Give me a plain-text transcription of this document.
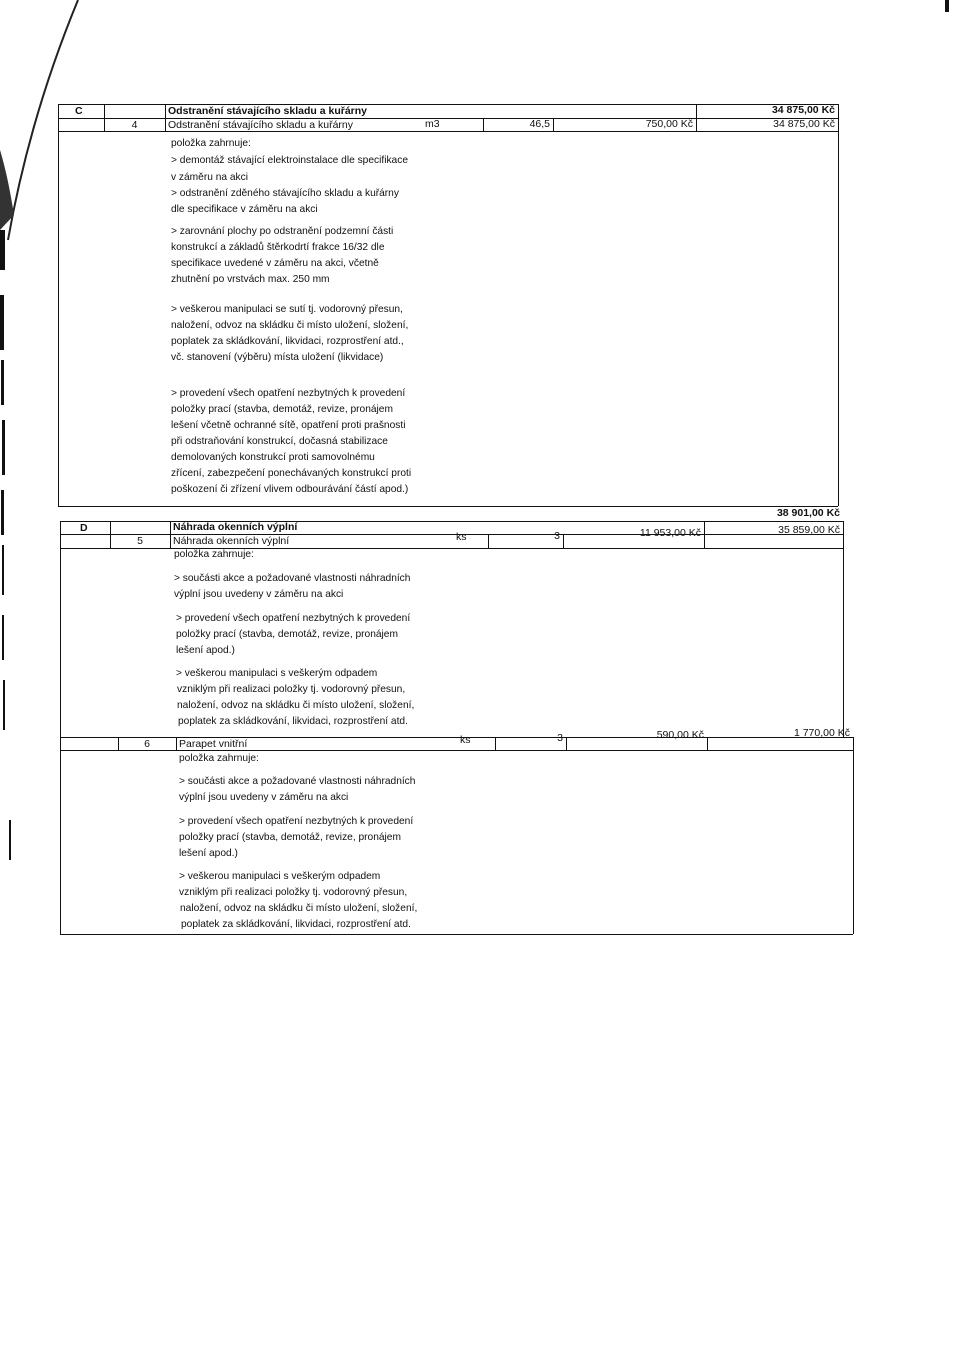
C	Odstranění stávajícího skladu a kuřárny	34 875,00 Kč
4	Odstranění stávajícího skladu a kuřárny	m3	46,5	750,00 Kč	34 875,00 Kč
položka zahrnuje:
> demontáž stávající elektroinstalace dle specifikace
v záměru na akci
> odstranění zděného stávajícího skladu a kuřárny
dle specifikace v záměru na akci
> zarovnání plochy po odstranění podzemní části
konstrukcí a základů štěrkodrtí frakce 16/32 dle
specifikace uvedené v záměru na akci, včetně
zhutnění po vrstvách max. 250 mm
> veškerou manipulaci se sutí tj. vodorovný přesun,
naložení, odvoz na skládku či místo uložení, složení,
poplatek za skládkování, likvidaci, rozprostření atd.,
vč. stanovení (výběru) místa uložení (likvidace)
> provedení všech opatření nezbytných k provedení
položky prací (stavba, demotáž, revize, pronájem
lešení včetně ochranné sítě, opatření proti prašnosti
při odstraňování konstrukcí, dočasná stabilizace
demolovaných konstrukcí proti samovolnému
zřícení, zabezpečení ponechávaných konstrukcí proti
poškození či zřízení vlivem odbourávání částí apod.)
D	Náhrada okenních výplní
38 901,00 Kč
5	Náhrada okenních výplní	ks	3	11 953,00 Kč	35 859,00 Kč
položka zahrnuje:
> součásti akce a požadované vlastnosti náhradních
výplní jsou uvedeny v záměru na akci
> provedení všech opatření nezbytných k provedení
položky prací (stavba, demotáž, revize, pronájem
lešení apod.)
> veškerou manipulaci s veškerým odpadem
vzniklým při realizaci položky tj. vodorovný přesun,
naložení, odvoz na skládku či místo uložení, složení,
poplatek za skládkování, likvidaci, rozprostření atd.
6	Parapet vnitřní	ks	3	590,00 Kč	1 770,00 Kč
položka zahrnuje:
> součásti akce a požadované vlastnosti náhradních
výplní jsou uvedeny v záměru na akci
> provedení všech opatření nezbytných k provedení
položky prací (stavba, demotáž, revize, pronájem
lešení apod.)
> veškerou manipulaci s veškerým odpadem
vzniklým při realizaci položky tj. vodorovný přesun,
naložení, odvoz na skládku či místo uložení, složení,
poplatek za skládkování, likvidaci, rozprostření atd.
